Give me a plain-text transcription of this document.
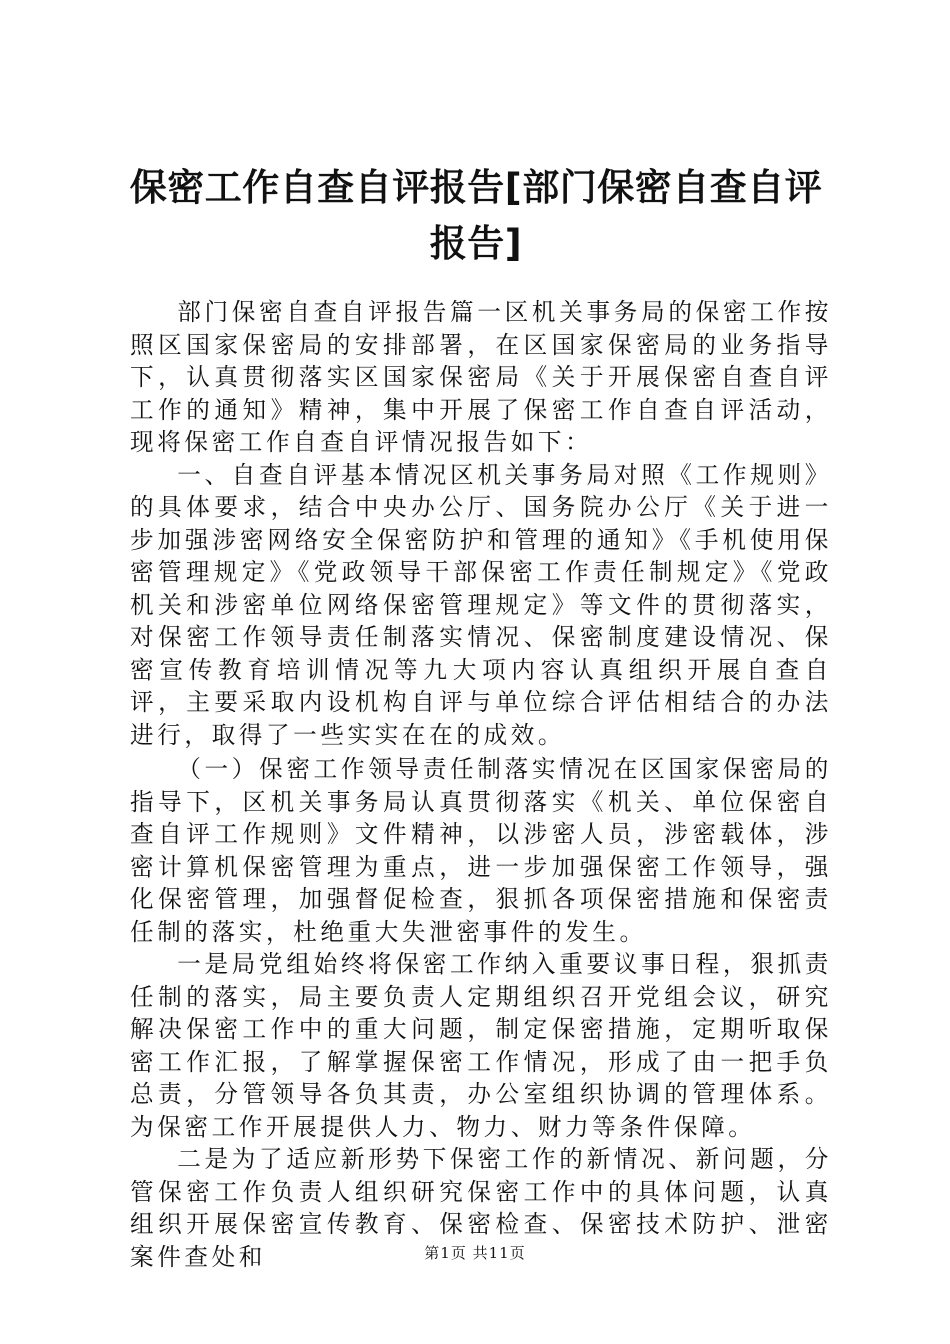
保密工作自查自评报告[部门保密自查自评报告]

部门保密自查自评报告篇一区机关事务局的保密工作按照区国家保密局的安排部署，在区国家保密局的业务指导下，认真贯彻落实区国家保密局《关于开展保密自查自评工作的通知》精神，集中开展了保密工作自查自评活动，现将保密工作自查自评情况报告如下：

一、自查自评基本情况区机关事务局对照《工作规则》的具体要求，结合中央办公厅、国务院办公厅《关于进一步加强涉密网络安全保密防护和管理的通知》《手机使用保密管理规定》《党政领导干部保密工作责任制规定》《党政机关和涉密单位网络保密管理规定》等文件的贯彻落实，对保密工作领导责任制落实情况、保密制度建设情况、保密宣传教育培训情况等九大项内容认真组织开展自查自评，主要采取内设机构自评与单位综合评估相结合的办法进行，取得了一些实实在在的成效。

（一）保密工作领导责任制落实情况在区国家保密局的指导下，区机关事务局认真贯彻落实《机关、单位保密自查自评工作规则》文件精神，以涉密人员，涉密载体，涉密计算机保密管理为重点，进一步加强保密工作领导，强化保密管理，加强督促检查，狠抓各项保密措施和保密责任制的落实，杜绝重大失泄密事件的发生。

一是局党组始终将保密工作纳入重要议事日程，狠抓责任制的落实，局主要负责人定期组织召开党组会议，研究解决保密工作中的重大问题，制定保密措施，定期听取保密工作汇报，了解掌握保密工作情况，形成了由一把手负总责，分管领导各负其责，办公室组织协调的管理体系。为保密工作开展提供人力、物力、财力等条件保障。

二是为了适应新形势下保密工作的新情况、新问题，分管保密工作负责人组织研究保密工作中的具体问题，认真组织开展保密宣传教育、保密检查、保密技术防护、泄密案件查处和	第1页 共11页
